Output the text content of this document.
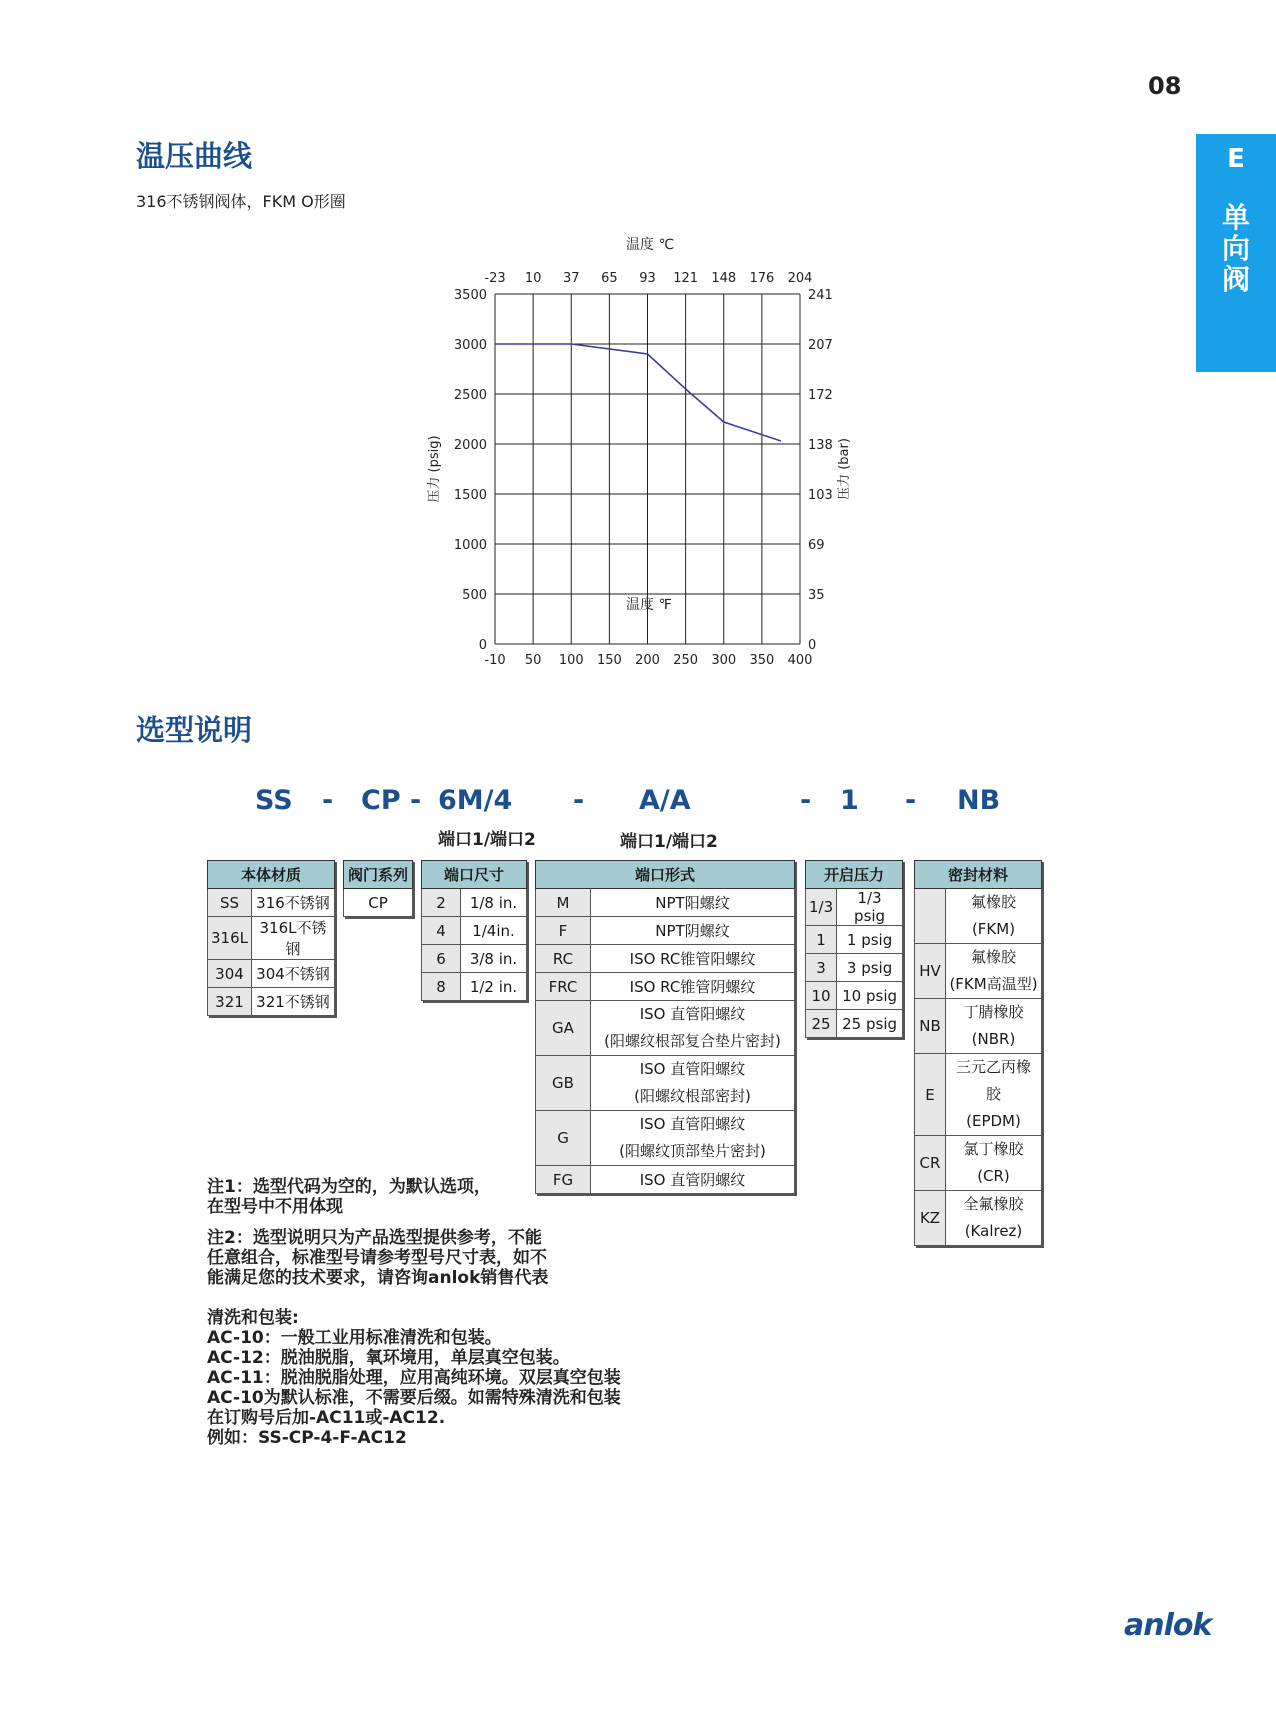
08
E
单
向
阀
温压曲线
316不锈钢阀体，FKM O形圈
温度 ℃
温度 ℉
-10 50 100 150 200 250 300 350 400
-23 10 37 65 93 121 148 176 204
0
500
1000
1500
2000
2500
3000
3500
0
35
69
103
138
172
207
241
压力 (psig)	压力 (bar)
选型说明
SS - CP - 6M/4 - A/A	- 1 - NB
端口1/端口2	端口1/端口2
本体材质	
SS	316不锈钢
316L	316L不锈钢
304	304不锈钢
321	321不锈钢
阀门系列
CP
端口尺寸	
2	1/8 in.
4	1/4in.
6	3/8 in.
8	1/2 in.
端口形式	
M	NPT阳螺纹
F	NPT阴螺纹
RC	ISO RC锥管阳螺纹
FRC	ISO RC锥管阴螺纹
GA	ISO 直管阳螺纹
(阳螺纹根部复合垫片密封)

GB	ISO 直管阳螺纹
(阳螺纹根部密封)

G	ISO 直管阳螺纹
(阳螺纹顶部垫片密封)

FG	ISO 直管阴螺纹
开启压力	
1/3	1/3 psig
1	1 psig
3	3 psig
10	10 psig
25	25 psig
密封材料	

	氟橡胶
(FKM)

HV	氟橡胶
(FKM高温型)

NB	丁腈橡胶
(NBR)

E	三元乙丙橡胶
(EPDM)

CR	氯丁橡胶
(CR)

KZ	全氟橡胶
(Kalrez)
注1：选型代码为空的，为默认选项，
在型号中不用体现
注2：选型说明只为产品选型提供参考，不能
任意组合，标准型号请参考型号尺寸表，如不
能满足您的技术要求，请咨询anlok销售代表
清洗和包装:
AC-10：一般工业用标准清洗和包装。
AC-12：脱油脱脂，氧环境用，单层真空包装。
AC-11：脱油脱脂处理，应用高纯环境。双层真空包装
AC-10为默认标准，不需要后缀。如需特殊清洗和包装
在订购号后加-AC11或-AC12.
例如：SS-CP-4-F-AC12
anlok
